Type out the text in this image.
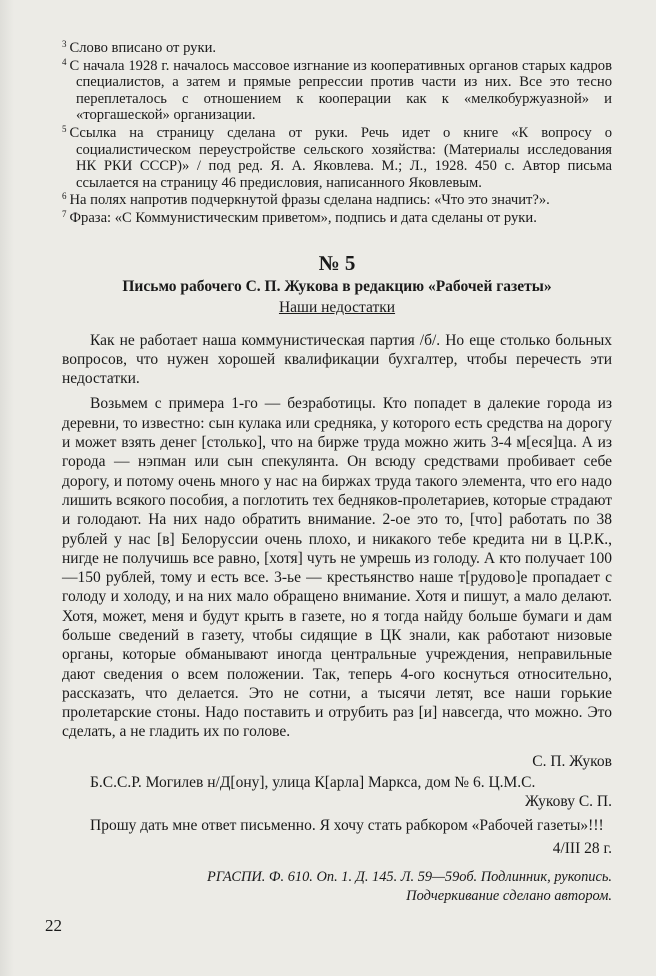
$^3$ Слово вписано от руки.

$^4$ С начала 1928 г. началось массовое изгнание из кооперативных органов старых кадров специалистов, а затем и прямые репрессии против части из них. Все это тесно переплеталось с отношением к кооперации как к «мелкобуржуазной» и «торгашеской» организации.

$^5$ Ссылка на страницу сделана от руки. Речь идет о книге «К вопросу о социалистическом переустройстве сельского хозяйства: (Материалы исследования НК РКИ СССР)» / под ред. Я. А. Яковлева. М.; Л., 1928. 450 с. Автор письма ссылается на страницу 46 предисловия, написанного Яковлевым.

$^6$ На полях напротив подчеркнутой фразы сделана надпись: «Что это значит?».

$^7$ Фраза: «С Коммунистическим приветом», подпись и дата сделаны от руки.

№ 5
Письмо рабочего С. П. Жукова в редакцию «Рабочей газеты»
Наши недостатки

Как не работает наша коммунистическая партия /б/. Но еще столько больных вопросов, что нужен хорошей квалификации бухгалтер, чтобы перечесть эти недостатки.

Возьмем с примера 1-го — безработицы. Кто попадет в далекие города из деревни, то известно: сын кулака или средняка, у которого есть средства на дорогу и может взять денег [столько], что на бирже труда можно жить 3-4 м[еся]ца. А из города — нэпман или сын спекулянта. Он всюду средствами пробивает себе дорогу, и потому очень много у нас на биржах труда такого элемента, что его надо лишить всякого пособия, а поглотить тех бедняков-пролетариев, которые страдают и голодают. На них надо обратить внимание. 2-ое это то, [что] работать по 38 рублей у нас [в] Белоруссии очень плохо, и никакого тебе кредита ни в Ц.Р.К., нигде не получишь все равно, [хотя] чуть не умрешь из голоду. А кто получает 100—150 рублей, тому и есть все. 3-ье — крестьянство наше т[рудово]е пропадает с голоду и холоду, и на них мало обращено внимание. Хотя и пишут, а мало делают. Хотя, может, меня и будут крыть в газете, но я тогда найду больше бумаги и дам больше сведений в газету, чтобы сидящие в ЦК знали, как работают низовые органы, которые обманывают иногда центральные учреждения, неправильные дают сведения о всем положении. Так, теперь 4-ого коснуться относительно, рассказать, что делается. Это не сотни, а тысячи летят, все наши горькие пролетарские стоны. Надо поставить и отрубить раз [и] навсегда, что можно. Это сделать, а не гладить их по голове.

С. П. Жуков
Б.С.С.Р. Могилев н/Д[ону], улица К[арла] Маркса, дом № 6. Ц.М.С.
Жукову С. П.

Прошу дать мне ответ письменно. Я хочу стать рабкором «Рабочей газеты»!!!

4/III 28 г.
РГАСПИ. Ф. 610. Оп. 1. Д. 145. Л. 59—59об. Подлинник, рукопись.
Подчеркивание сделано автором.
22
